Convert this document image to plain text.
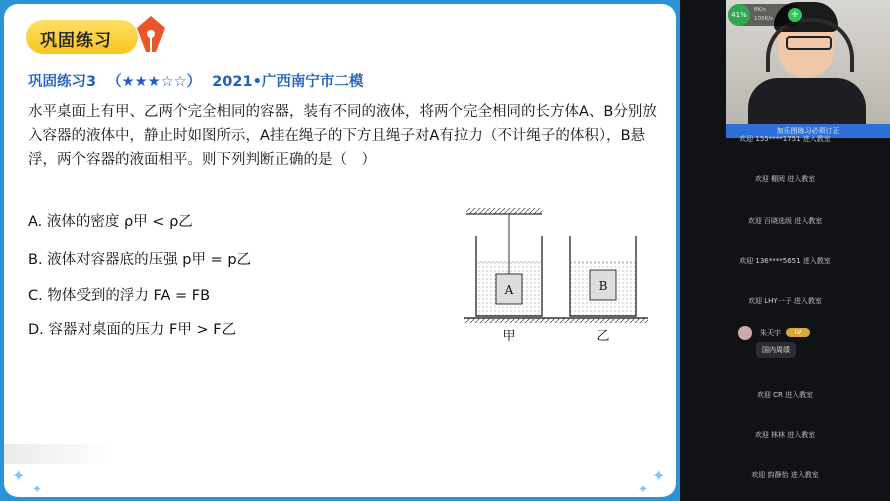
巩固练习
巩固练习3 （★★★☆☆） 2021•广西南宁市二模
水平桌面上有甲、乙两个完全相同的容器，装有不同的液体，将两个完全相同的长方体A、B分别放入容器的液体中，静止时如图所示，A挂在绳子的下方且绳子对A有拉力（不计绳子的体积），B悬浮，两个容器的液面相平。则下列判断正确的是（　）
A. 液体的密度 ρ甲 < ρ乙
B. 液体对容器底的压强 p甲 = p乙
C. 物体受到的浮力 FA = FB
D. 容器对桌面的压力 F甲 > F乙
A	B
甲	乙
✦
✦
✦
✦
41%
8K/s
105K/s +
加乐图练习必须订正
欢迎 155****1751 进入教室
欢迎 棚阅 进入教室
欢迎 百晓选级 进入教室
欢迎 136****5651 进入教室
欢迎 LHY一子 进入教室
朱天宇	LV
国内周绩
欢迎 CR 进入教室
欢迎 林林 进入教室
欢迎 韵静怡 进入教室
